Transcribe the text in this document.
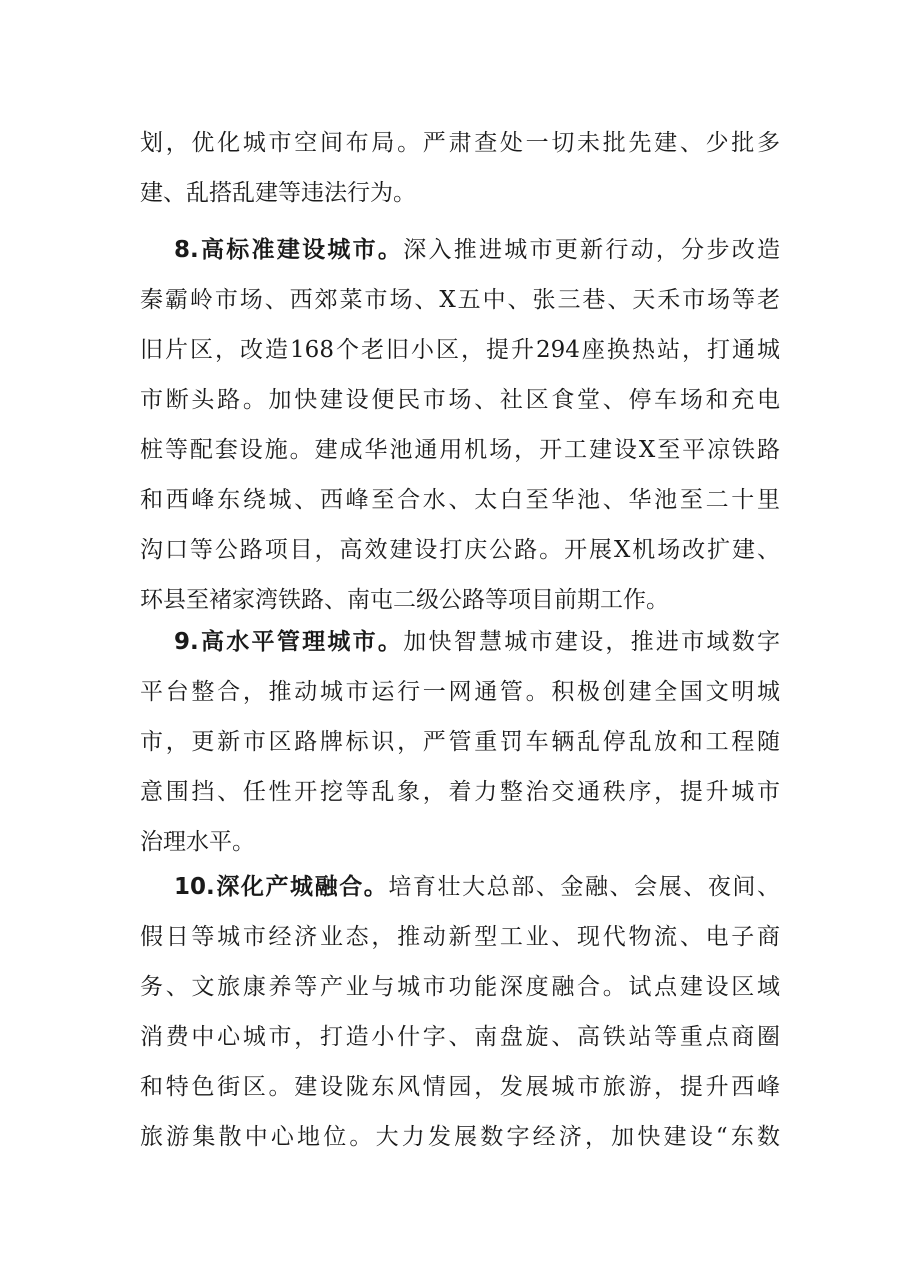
划，优化城市空间布局。严肃查处一切未批先建、少批多
建、乱搭乱建等违法行为。
8.高标准建设城市。深入推进城市更新行动，分步改造
秦霸岭市场、西郊菜市场、X五中、张三巷、天禾市场等老
旧片区，改造168个老旧小区，提升294座换热站，打通城
市断头路。加快建设便民市场、社区食堂、停车场和充电
桩等配套设施。建成华池通用机场，开工建设X至平凉铁路
和西峰东绕城、西峰至合水、太白至华池、华池至二十里
沟口等公路项目，高效建设打庆公路。开展X机场改扩建、
环县至褚家湾铁路、南屯二级公路等项目前期工作。
9.高水平管理城市。加快智慧城市建设，推进市域数字
平台整合，推动城市运行一网通管。积极创建全国文明城
市，更新市区路牌标识，严管重罚车辆乱停乱放和工程随
意围挡、任性开挖等乱象，着力整治交通秩序，提升城市
治理水平。
10.深化产城融合。培育壮大总部、金融、会展、夜间、
假日等城市经济业态，推动新型工业、现代物流、电子商
务、文旅康养等产业与城市功能深度融合。试点建设区域
消费中心城市，打造小什字、南盘旋、高铁站等重点商圈
和特色街区。建设陇东风情园，发展城市旅游，提升西峰
旅游集散中心地位。大力发展数字经济，加快建设“东数
